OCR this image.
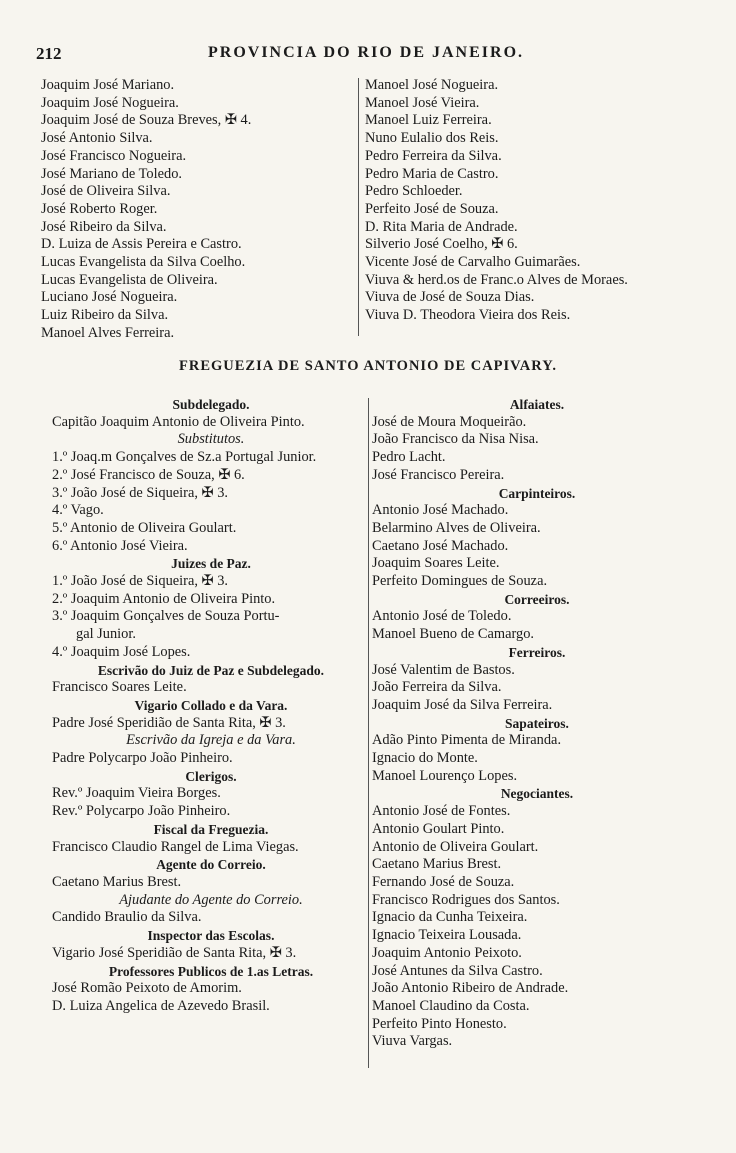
212	PROVINCIA DO RIO DE JANEIRO.
Joaquim José Mariano.
Joaquim José Nogueira.
Joaquim José de Souza Breves, ✠ 4.
José Antonio Silva.
José Francisco Nogueira.
José Mariano de Toledo.
José de Oliveira Silva.
José Roberto Roger.
José Ribeiro da Silva.
D. Luiza de Assis Pereira e Castro.
Lucas Evangelista da Silva Coelho.
Lucas Evangelista de Oliveira.
Luciano José Nogueira.
Luiz Ribeiro da Silva.
Manoel Alves Ferreira.
Manoel José Nogueira.
Manoel José Vieira.
Manoel Luiz Ferreira.
Nuno Eulalio dos Reis.
Pedro Ferreira da Silva.
Pedro Maria de Castro.
Pedro Schloeder.
Perfeito José de Souza.
D. Rita Maria de Andrade.
Silverio José Coelho, ✠ 6.
Vicente José de Carvalho Guimarães.
Viuva & herd.os de Franc.o Alves de Moraes.
Viuva de José de Souza Dias.
Viuva D. Theodora Vieira dos Reis.
FREGUEZIA DE SANTO ANTONIO DE CAPIVARY.
Subdelegado.
Capitão Joaquim Antonio de Oliveira Pinto.
Substitutos.
1.º Joaq.m Gonçalves de Sz.a Portugal Junior.
2.º José Francisco de Souza, ✠ 6.
3.º João José de Siqueira, ✠ 3.
4.º Vago.
5.º Antonio de Oliveira Goulart.
6.º Antonio José Vieira.
Juizes de Paz.
1.º João José de Siqueira, ✠ 3.
2.º Joaquim Antonio de Oliveira Pinto.
3.º Joaquim Gonçalves de Souza Portu-
gal Junior.
4.º Joaquim José Lopes.
Escrivão do Juiz de Paz e Subdelegado.
Francisco Soares Leite.
Vigario Collado e da Vara.
Padre José Speridião de Santa Rita, ✠ 3.
Escrivão da Igreja e da Vara.
Padre Polycarpo João Pinheiro.
Clerigos.
Rev.º Joaquim Vieira Borges.
Rev.º Polycarpo João Pinheiro.
Fiscal da Freguezia.
Francisco Claudio Rangel de Lima Viegas.
Agente do Correio.
Caetano Marius Brest.
Ajudante do Agente do Correio.
Candido Braulio da Silva.
Inspector das Escolas.
Vigario José Speridião de Santa Rita, ✠ 3.
Professores Publicos de 1.as Letras.
José Romão Peixoto de Amorim.
D. Luiza Angelica de Azevedo Brasil.
Alfaiates.
José de Moura Moqueirão.
João Francisco da Nisa Nisa.
Pedro Lacht.
José Francisco Pereira.
Carpinteiros.
Antonio José Machado.
Belarmino Alves de Oliveira.
Caetano José Machado.
Joaquim Soares Leite.
Perfeito Domingues de Souza.
Correeiros.
Antonio José de Toledo.
Manoel Bueno de Camargo.
Ferreiros.
José Valentim de Bastos.
João Ferreira da Silva.
Joaquim José da Silva Ferreira.
Sapateiros.
Adão Pinto Pimenta de Miranda.
Ignacio do Monte.
Manoel Lourenço Lopes.
Negociantes.
Antonio José de Fontes.
Antonio Goulart Pinto.
Antonio de Oliveira Goulart.
Caetano Marius Brest.
Fernando José de Souza.
Francisco Rodrigues dos Santos.
Ignacio da Cunha Teixeira.
Ignacio Teixeira Lousada.
Joaquim Antonio Peixoto.
José Antunes da Silva Castro.
João Antonio Ribeiro de Andrade.
Manoel Claudino da Costa.
Perfeito Pinto Honesto.
Viuva Vargas.
